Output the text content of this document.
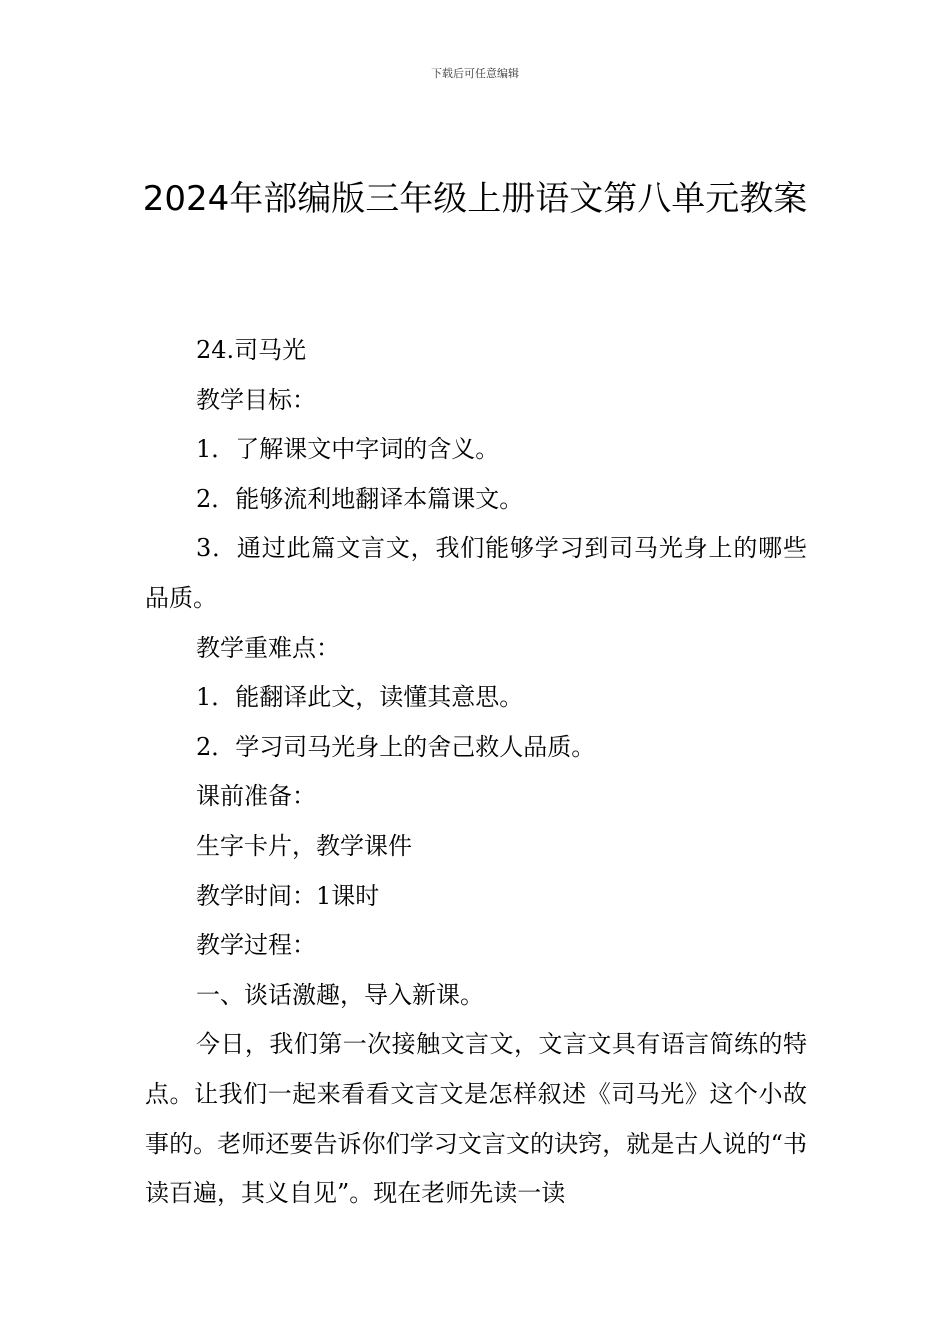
下载后可任意编辑
2024年部编版三年级上册语文第八单元教案

24.司马光

教学目标：

1．了解课文中字词的含义。

2．能够流利地翻译本篇课文。

3．通过此篇文言文，我们能够学习到司马光身上的哪些品质。

教学重难点：

1．能翻译此文，读懂其意思。

2．学习司马光身上的舍己救人品质。

课前准备：

生字卡片，教学课件

教学时间：1课时

教学过程：

一、谈话激趣，导入新课。

今日，我们第一次接触文言文，文言文具有语言简练的特点。让我们一起来看看文言文是怎样叙述《司马光》这个小故事的。老师还要告诉你们学习文言文的诀窍，就是古人说的“书读百遍，其义自见”。现在老师先读一读
